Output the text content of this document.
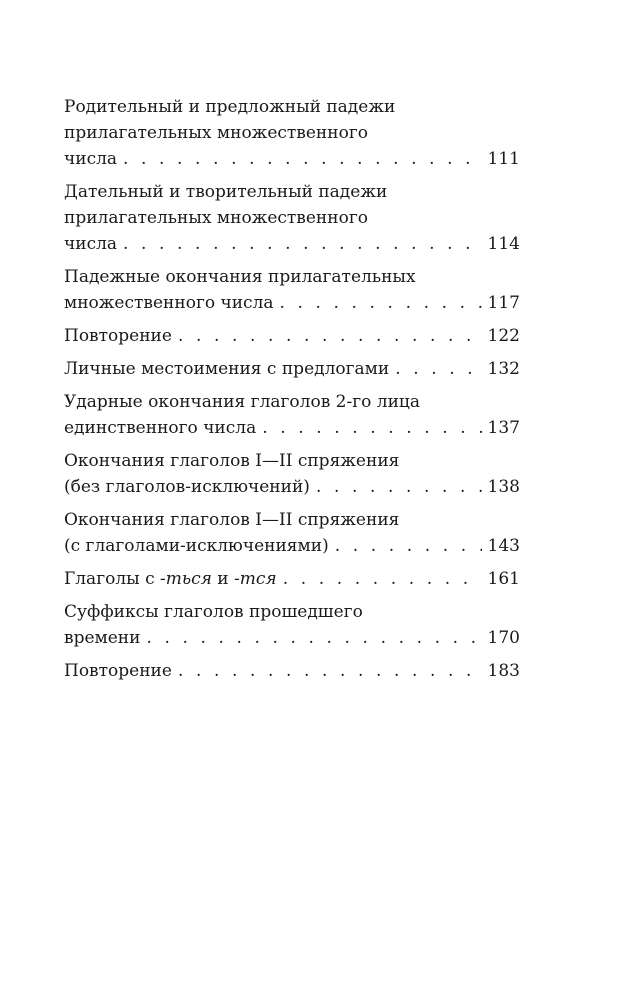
Родительный и предложный падежи
прилагательных множественного
числа . . .	111
Дательный и творительный падежи
прилагательных множественного
числа . . .	114
Падежные окончания прилагательных
множественного числа . . .	117
Повторение . . .	122
Личные местоимения с предлогами . . .	132
Ударные окончания глаголов 2-го лица
единственного числа . . .	137
Окончания глаголов I—II спряжения
(без глаголов-исключений) . . .	138
Окончания глаголов I—II спряжения
(с глаголами-исключениями) . . .	143
Глаголы с -ться и -тся . . .	161
Суффиксы глаголов прошедшего
времени . . .	170
Повторение . . .	183
